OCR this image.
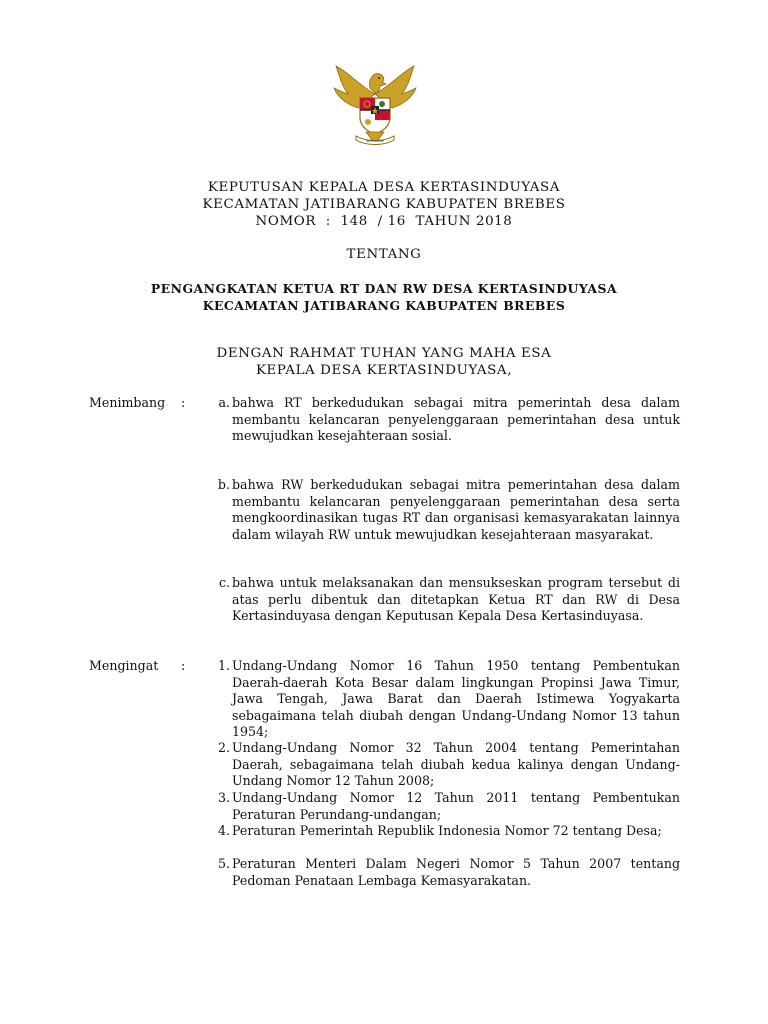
KEPUTUSAN KEPALA DESA KERTASINDUYASA
KECAMATAN JATIBARANG KABUPATEN BREBES
NOMOR  :  148  / 16  TAHUN 2018
TENTANG
PENGANGKATAN KETUA RT DAN RW DESA KERTASINDUYASA
KECAMATAN JATIBARANG KABUPATEN BREBES
DENGAN RAHMAT TUHAN YANG MAHA ESA
KEPALA DESA KERTASINDUYASA,
Menimbang	:	a. bahwa RT berkedudukan sebagai mitra pemerintah desa dalam membantu kelancaran penyelenggaraan pemerintahan desa untuk mewujudkan kesejahteraan sosial.
b. bahwa RW berkedudukan sebagai mitra pemerintahan desa dalam membantu kelancaran penyelenggaraan pemerintahan desa serta mengkoordinasikan tugas RT dan organisasi kemasyarakatan lainnya dalam wilayah RW untuk mewujudkan kesejahteraan masyarakat.
c. bahwa untuk melaksanakan dan mensukseskan program tersebut di atas perlu dibentuk dan ditetapkan Ketua RT dan RW di Desa Kertasinduyasa dengan Keputusan Kepala Desa Kertasinduyasa.
Mengingat	:	1. Undang-Undang Nomor 16 Tahun 1950 tentang Pembentukan Daerah-daerah Kota Besar dalam lingkungan Propinsi Jawa Timur, Jawa Tengah, Jawa Barat dan Daerah Istimewa Yogyakarta sebagaimana telah diubah dengan Undang-Undang Nomor 13 tahun 1954;
2. Undang-Undang Nomor 32 Tahun 2004 tentang Pemerintahan Daerah, sebagaimana telah diubah kedua kalinya dengan Undang-Undang Nomor 12 Tahun 2008;
3. Undang-Undang Nomor 12 Tahun 2011 tentang Pembentukan Peraturan Perundang-undangan;
4. Peraturan Pemerintah Republik Indonesia Nomor 72 tentang Desa;
5. Peraturan Menteri Dalam Negeri Nomor 5 Tahun 2007 tentang Pedoman Penataan Lembaga Kemasyarakatan.
